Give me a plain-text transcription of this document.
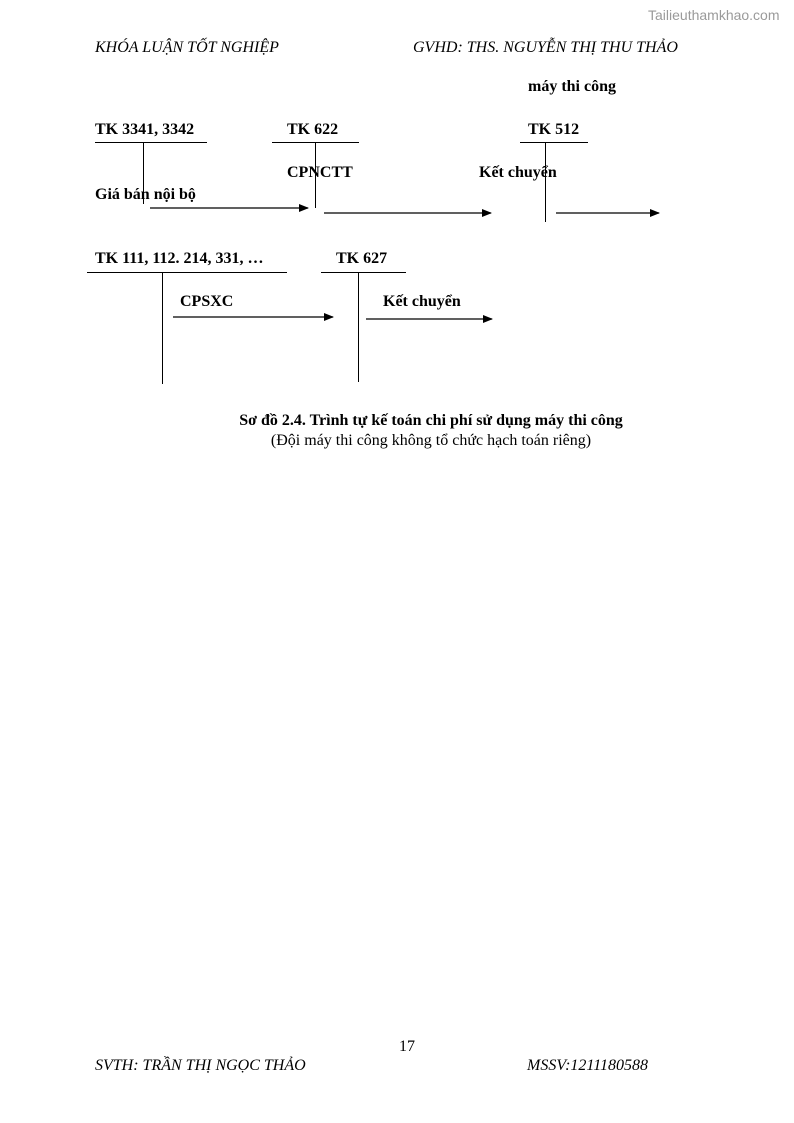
Tailieuthamkhao.com
KHÓA LUẬN TỐT NGHIỆP	GVHD: THS. NGUYỄN THỊ THU THẢO
máy thi công
TK 3341, 3342	TK 622	TK 512
CPNCTT	Kết chuyển
Giá bán nội bộ
TK 111, 112. 214, 331, …	TK 627
CPSXC	Kết chuyển
Sơ đồ 2.4. Trình tự kế toán chi phí sử dụng máy thi công
(Đội máy thi công không tổ chức hạch toán riêng)
17
SVTH: TRẦN THỊ NGỌC THẢO	MSSV:1211180588
